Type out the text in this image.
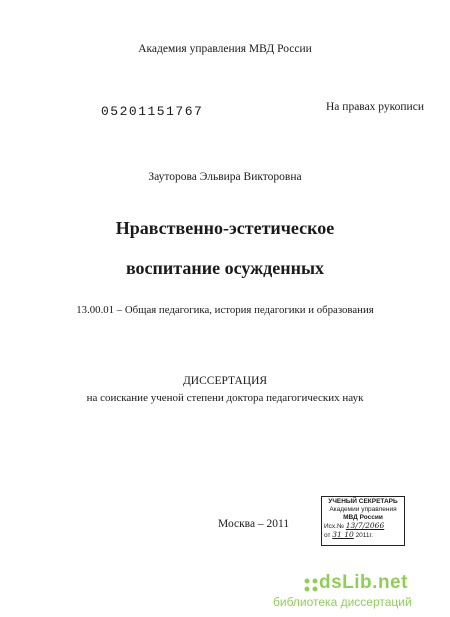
Академия управления МВД России
05201151767	На правах рукописи
Зауторова Эльвира Викторовна
Нравственно-эстетическое
воспитание осужденных
13.00.01 – Общая педагогика, история педагогики и образования
ДИССЕРТАЦИЯ
на соискание ученой степени доктора педагогических наук
Москва – 2011
УЧЕНЫЙ СЕКРЕТАРЬ
Академии управления
МВД России
Исх.№ 13/7/2066
от 31 10 2011г.
dsLib.net
библиотека диссертаций
